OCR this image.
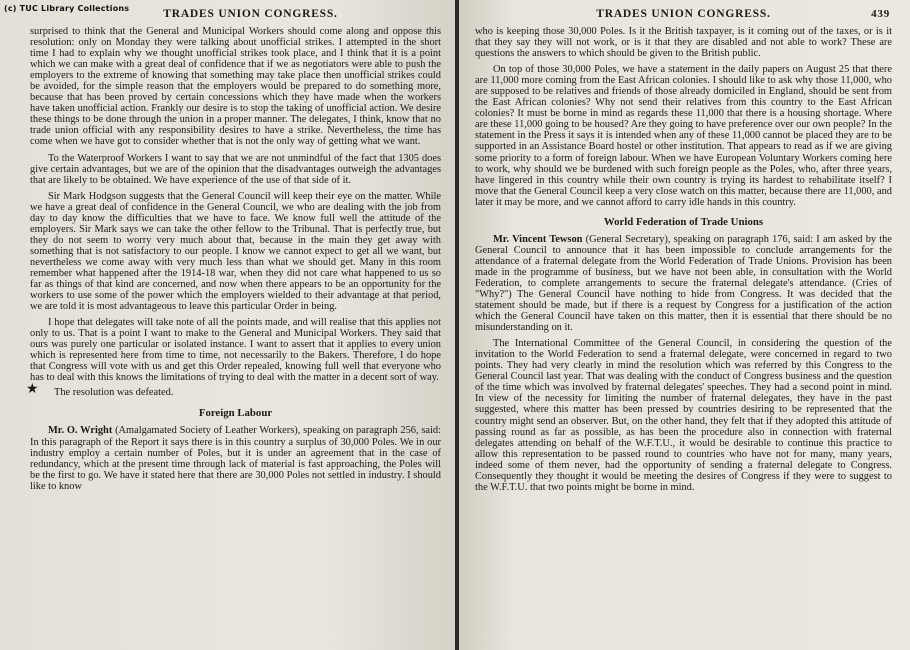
TRADES UNION CONGRESS.

surprised to think that the General and Municipal Workers should come along and oppose this resolution: only on Monday they were talking about unofficial strikes. I attempted in the short time I had to explain why we thought unofficial strikes took place, and I think that it is a point which we can make with a great deal of confidence that if we as negotiators were able to push the employers to the extreme of knowing that something may take place then unofficial strikes could be avoided, for the simple reason that the employers would be prepared to do something more, because that has been proved by certain concessions which they have made when the workers have taken unofficial action. Frankly our desire is to stop the taking of unofficial action. We desire these things to be done through the union in a proper manner. The delegates, I think, know that no trade union official with any responsibility desires to have a strike. Nevertheless, the time has come when we have got to consider whether that is not the only way of getting what we want.

To the Waterproof Workers I want to say that we are not unmindful of the fact that 1305 does give certain advantages, but we are of the opinion that the disadvantages outweigh the advantages that are likely to be obtained. We have experience of the use of that side of it.

Sir Mark Hodgson suggests that the General Council will keep their eye on the matter. While we have a great deal of confidence in the General Council, we who are dealing with the job from day to day know the difficulties that we have to face. We know full well the attitude of the employers. Sir Mark says we can take the other fellow to the Tribunal. That is perfectly true, but they do not seem to worry very much about that, because in the main they get away with something that is not satisfactory to our people. I know we cannot expect to get all we want, but nevertheless we come away with very much less than what we should get. Many in this room remember what happened after the 1914-18 war, when they did not care what happened to us so far as things of that kind are concerned, and now when there appears to be an opportunity for the workers to use some of the power which the employers wielded to their advantage at that period, we are told it is most advantageous to leave this particular Order in being.

I hope that delegates will take note of all the points made, and will realise that this applies not only to us. That is a point I want to make to the General and Municipal Workers. They said that ours was purely one particular or isolated instance. I want to assert that it applies to every union which is represented here from time to time, not necessarily to the Bakers. Therefore, I do hope that Congress will vote with us and get this Order repealed, knowing full well that everyone who has to deal with this knows the limitations of trying to deal with the matter in a decent sort of way.

★ The resolution was defeated.
Foreign Labour

Mr. O. Wright (Amalgamated Society of Leather Workers), speaking on paragraph 256, said: In this paragraph of the Report it says there is in this country a surplus of 30,000 Poles. We in our industry employ a certain number of Poles, but it is under an agreement that in the case of redundancy, which at the present time through lack of material is fast approaching, the Poles will be the first to go. We have it stated here that there are 30,000 Poles not settled in industry. I should like to know

TRADES UNION CONGRESS.	439

who is keeping those 30,000 Poles. Is it the British taxpayer, is it coming out of the taxes, or is it that they say they will not work, or is it that they are disabled and not able to work? These are questions the answers to which should be given to the British public.

On top of those 30,000 Poles, we have a statement in the daily papers on August 25 that there are 11,000 more coming from the East African colonies. I should like to ask why those 11,000, who are supposed to be relatives and friends of those already domiciled in England, should be sent from the East African colonies? Why not send their relatives from this country to the East African colonies? It must be borne in mind as regards these 11,000 that there is a housing shortage. Where are these 11,000 going to be housed? Are they going to have preference over our own people? In the statement in the Press it says it is intended when any of these 11,000 cannot be placed they are to be supported in an Assistance Board hostel or other institution. That appears to read as if we are giving some priority to a form of foreign labour. When we have European Voluntary Workers coming here to work, why should we be burdened with such foreign people as the Poles, who, after three years, have lingered in this country while their own country is trying its hardest to rehabilitate itself? I move that the General Council keep a very close watch on this matter, because there are 11,000, and later it may be more, and we cannot afford to carry idle hands in this country.

World Federation of Trade Unions

Mr. Vincent Tewson (General Secretary), speaking on paragraph 176, said: I am asked by the General Council to announce that it has been impossible to conclude arrangements for the attendance of a fraternal delegate from the World Federation of Trade Unions. Provision has been made in the programme of business, but we have not been able, in consultation with the World Federation, to complete arrangements to secure the fraternal delegate's attendance. (Cries of "Why?") The General Council have nothing to hide from Congress. It was decided that the statement should be made, but if there is a request by Congress for a justification of the action which the General Council have taken on this matter, then it is essential that there should be no misunderstanding on it.

The International Committee of the General Council, in considering the question of the invitation to the World Federation to send a fraternal delegate, were concerned in regard to two points. They had very clearly in mind the resolution which was referred by this Congress to the General Council last year. That was dealing with the conduct of Congress business and the question of the time which was involved by fraternal delegates' speeches. They had a second point in mind. In view of the necessity for limiting the number of fraternal delegates, they have in the past suggested, where this matter has been pressed by countries desiring to be represented that the country might send an observer. But, on the other hand, they felt that if they adopted this attitude of passing round as far as possible, as has been the procedure also in connection with fraternal delegates attending on behalf of the W.F.T.U., it would be desirable to continue this practice to allow this representation to be passed round to countries who have not for many, many years, indeed some of them never, had the opportunity of sending a fraternal delegate to Congress. Consequently they thought it would be meeting the desires of Congress if they were to suggest to the W.F.T.U. that two points might be borne in mind.

(c) TUC Library Collections
